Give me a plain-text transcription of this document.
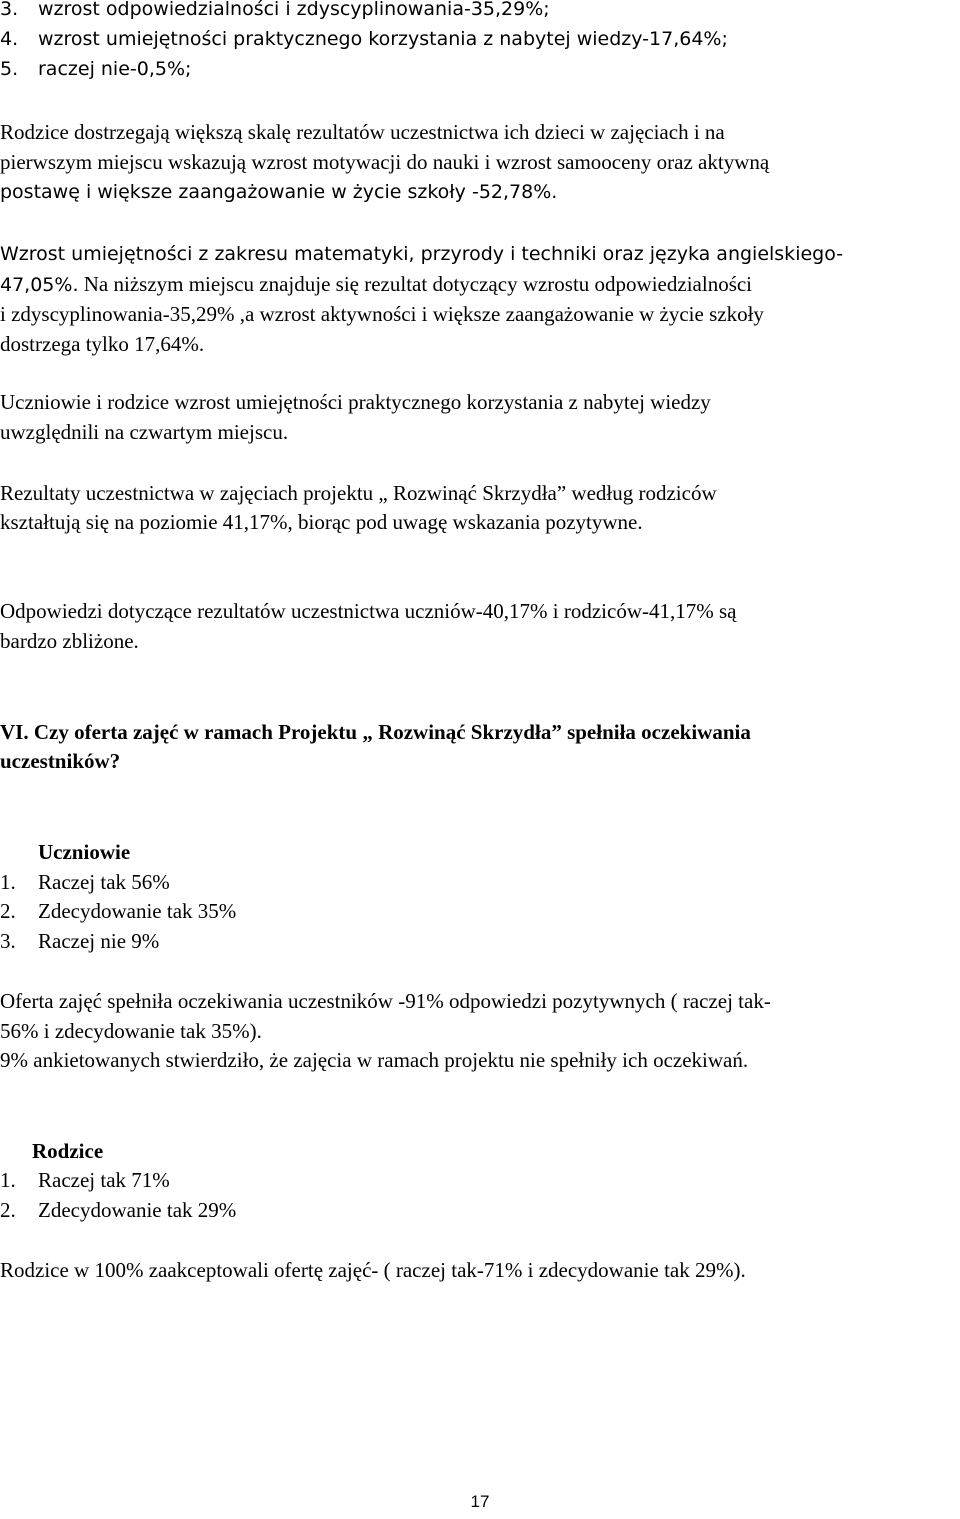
3. wzrost odpowiedzialności i zdyscyplinowania-35,29%;

4. wzrost umiejętności praktycznego korzystania z nabytej wiedzy-17,64%;

5. raczej nie-0,5%;

Rodzice dostrzegają większą skalę rezultatów uczestnictwa ich dzieci w zajęciach i na

pierwszym miejscu wskazują wzrost motywacji do nauki i wzrost samooceny oraz aktywną

postawę i większe zaangażowanie w życie szkoły -52,78%.

Wzrost umiejętności z zakresu matematyki, przyrody i techniki oraz języka angielskiego-

47,05%. Na niższym miejscu znajduje się rezultat dotyczący wzrostu odpowiedzialności

i zdyscyplinowania-35,29% ,a wzrost aktywności i większe zaangażowanie w życie szkoły

dostrzega tylko 17,64%.

Uczniowie i rodzice wzrost umiejętności praktycznego korzystania z nabytej wiedzy

uwzględnili na czwartym miejscu.

Rezultaty uczestnictwa w zajęciach projektu „ Rozwinąć Skrzydła” według rodziców

kształtują się na poziomie 41,17%, biorąc pod uwagę wskazania pozytywne.

Odpowiedzi dotyczące rezultatów uczestnictwa uczniów-40,17% i rodziców-41,17% są

bardzo zbliżone.

VI. Czy oferta zajęć w ramach Projektu „ Rozwinąć Skrzydła” spełniła oczekiwania

uczestników?

Uczniowie

1. Raczej tak 56%

2. Zdecydowanie tak 35%

3. Raczej nie 9%

Oferta zajęć spełniła oczekiwania uczestników -91% odpowiedzi pozytywnych ( raczej tak-

56% i zdecydowanie tak 35%).

9% ankietowanych stwierdziło, że zajęcia w ramach projektu nie spełniły ich oczekiwań.

Rodzice

1. Raczej tak 71%

2. Zdecydowanie tak 29%

Rodzice w 100% zaakceptowali ofertę zajęć- ( raczej tak-71% i zdecydowanie tak 29%).

17
